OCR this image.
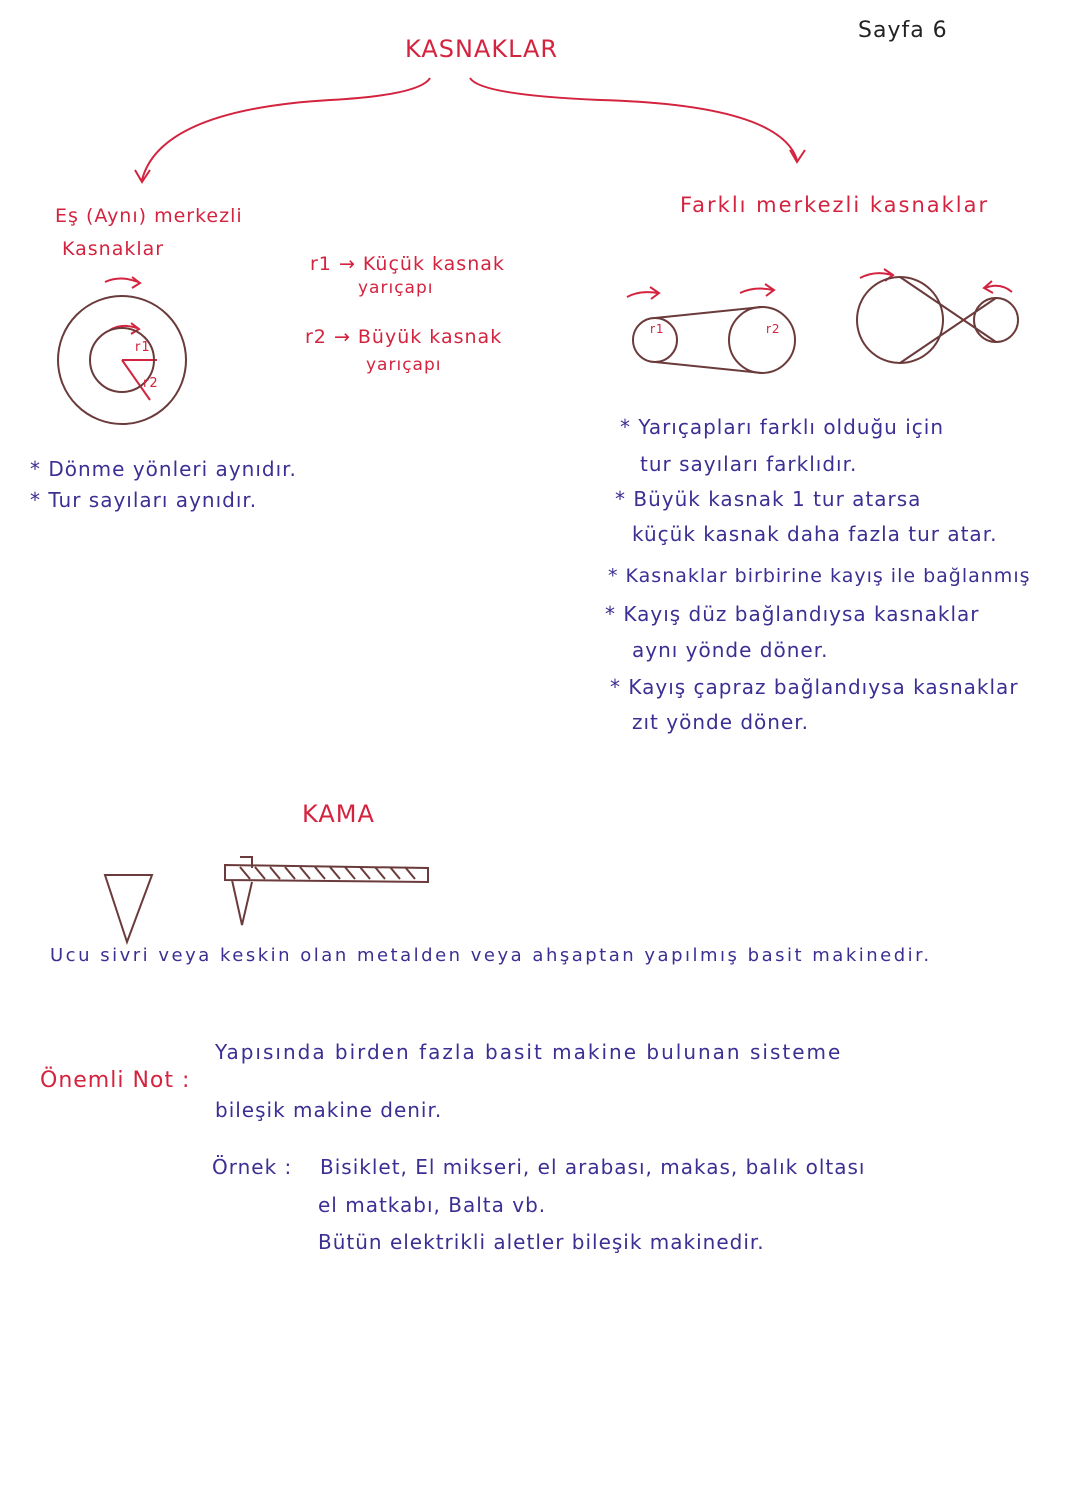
Sayfa 6
KASNAKLAR
Eş (Aynı) merkezli
Kasnaklar
r1
r2
r1 → Küçük kasnak
yarıçapı
r2 → Büyük kasnak
yarıçapı
* Dönme yönleri aynıdır.
* Tur sayıları aynıdır.
Farklı merkezli kasnaklar
r1	r2
* Yarıçapları farklı olduğu için
tur sayıları farklıdır.
* Büyük kasnak 1 tur atarsa
küçük kasnak daha fazla tur atar.
* Kasnaklar birbirine kayış ile bağlanmış
* Kayış düz bağlandıysa kasnaklar
aynı yönde döner.
* Kayış çapraz bağlandıysa kasnaklar
zıt yönde döner.
KAMA
Ucu sivri veya keskin olan metalden veya ahşaptan yapılmış basit makinedir.
Önemli Not :
Yapısında birden fazla basit makine bulunan sisteme
bileşik makine denir.
Örnek : Bisiklet, El mikseri, el arabası, makas, balık oltası
el matkabı, Balta vb.
Bütün elektrikli aletler bileşik makinedir.
